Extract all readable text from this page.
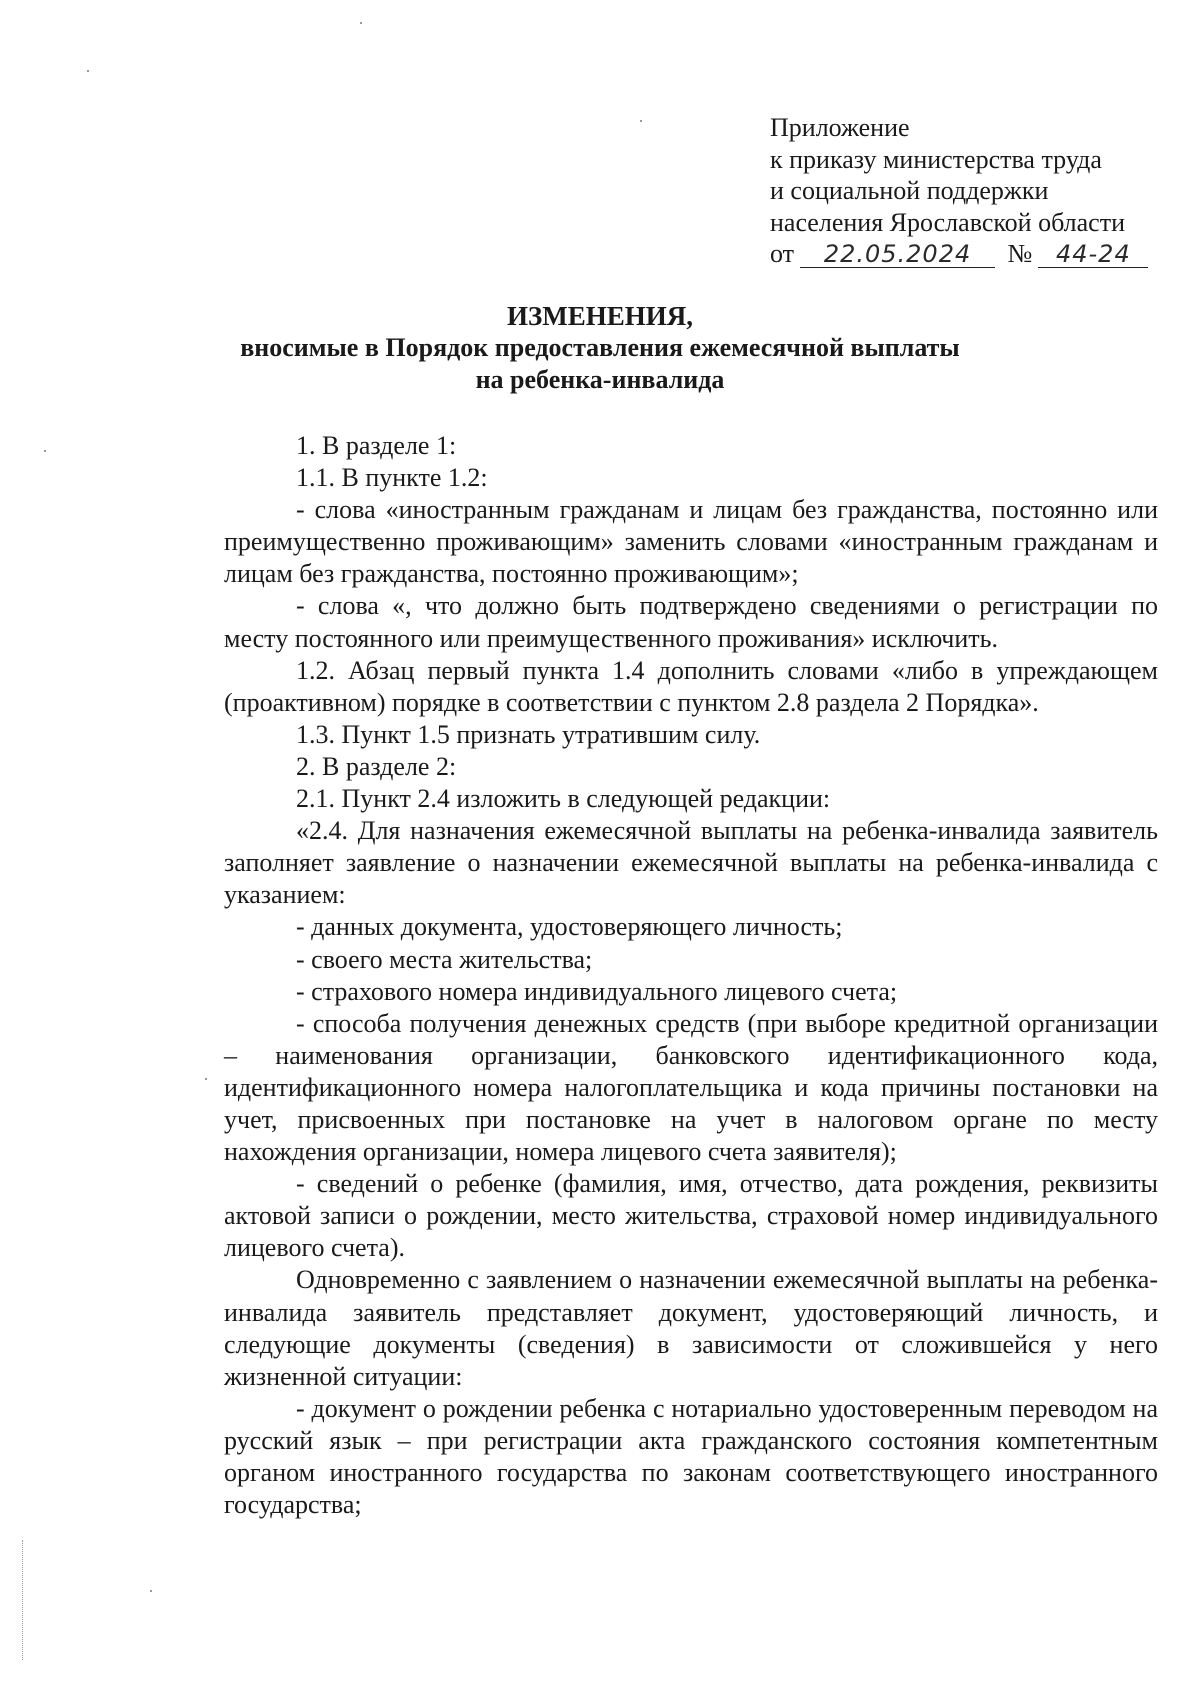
Приложение
к приказу министерства труда
и социальной поддержки
населения Ярославской области
от 22.05.2024 № 44-24
ИЗМЕНЕНИЯ,
вносимые в Порядок предоставления ежемесячной выплаты
на ребенка-инвалида

1. В разделе 1:

1.1. В пункте 1.2:

- слова «иностранным гражданам и лицам без гражданства, постоянно или преимущественно проживающим» заменить словами «иностранным гражданам и лицам без гражданства, постоянно проживающим»;

- слова «, что должно быть подтверждено сведениями о регистрации по месту постоянного или преимущественного проживания» исключить.

1.2. Абзац первый пункта 1.4 дополнить словами «либо в упреждающем (проактивном) порядке в соответствии с пунктом 2.8 раздела 2 Порядка».

1.3. Пункт 1.5 признать утратившим силу.

2. В разделе 2:

2.1. Пункт 2.4 изложить в следующей редакции:

«2.4. Для назначения ежемесячной выплаты на ребенка-инвалида заявитель заполняет заявление о назначении ежемесячной выплаты на ребенка-инвалида с указанием:

- данных документа, удостоверяющего личность;

- своего места жительства;

- страхового номера индивидуального лицевого счета;

- способа получения денежных средств (при выборе кредитной организации – наименования организации, банковского идентификационного кода, идентификационного номера налогоплательщика и кода причины постановки на учет, присвоенных при постановке на учет в налоговом органе по месту нахождения организации, номера лицевого счета заявителя);

- сведений о ребенке (фамилия, имя, отчество, дата рождения, реквизиты актовой записи о рождении, место жительства, страховой номер индивидуального лицевого счета).

Одновременно с заявлением о назначении ежемесячной выплаты на ребенка-инвалида заявитель представляет документ, удостоверяющий личность, и следующие документы (сведения) в зависимости от сложившейся у него жизненной ситуации:

- документ о рождении ребенка с нотариально удостоверенным переводом на русский язык – при регистрации акта гражданского состояния компетентным органом иностранного государства по законам соответствующего иностранного государства;
